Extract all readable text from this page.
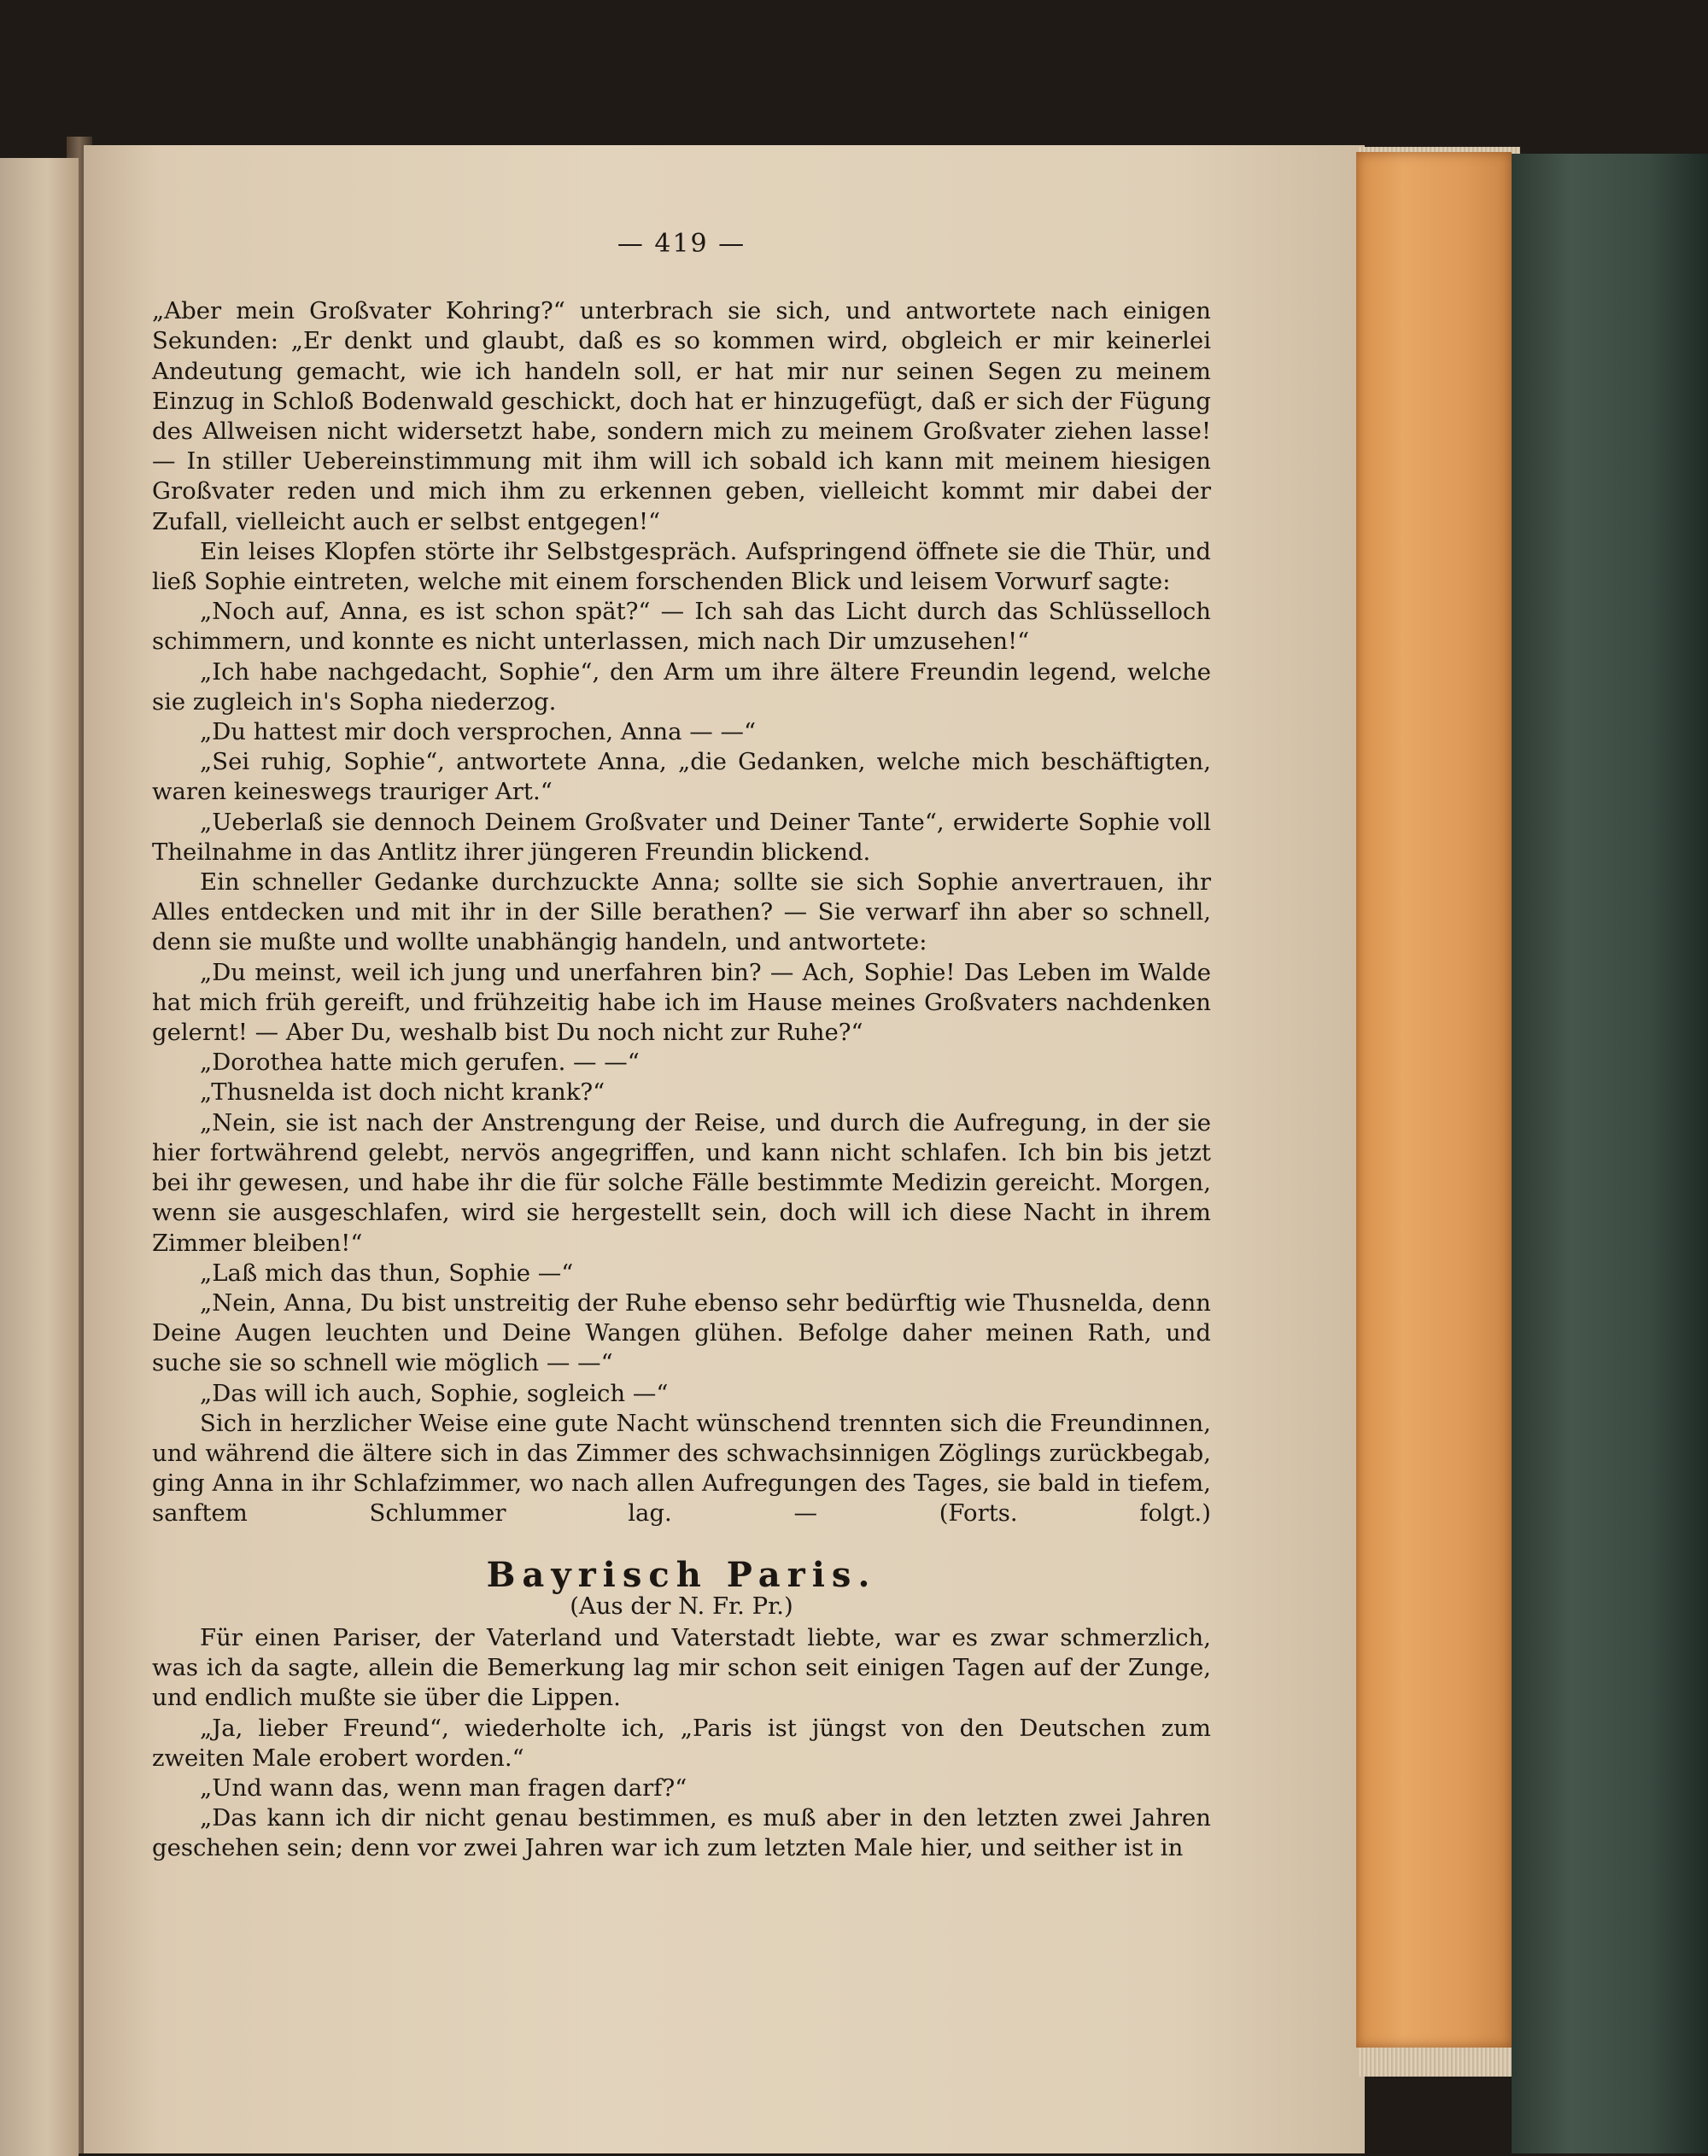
— 419 —

„Aber mein Großvater Kohring?“ unterbrach sie sich, und antwortete nach einigen Sekunden: „Er denkt und glaubt, daß es so kommen wird, obgleich er mir keinerlei Andeutung gemacht, wie ich handeln soll, er hat mir nur seinen Segen zu meinem Einzug in Schloß Bodenwald geschickt, doch hat er hinzugefügt, daß er sich der Fügung des Allweisen nicht widersetzt habe, sondern mich zu meinem Großvater ziehen lasse! — In stiller Uebereinstimmung mit ihm will ich sobald ich kann mit meinem hiesigen Großvater reden und mich ihm zu erkennen geben, vielleicht kommt mir dabei der Zufall, vielleicht auch er selbst entgegen!“

Ein leises Klopfen störte ihr Selbstgespräch. Aufspringend öffnete sie die Thür, und ließ Sophie eintreten, welche mit einem forschenden Blick und leisem Vorwurf sagte:

„Noch auf, Anna, es ist schon spät?“ — Ich sah das Licht durch das Schlüsselloch schimmern, und konnte es nicht unterlassen, mich nach Dir umzusehen!“

„Ich habe nachgedacht, Sophie“, den Arm um ihre ältere Freundin legend, welche sie zugleich in's Sopha niederzog.

„Du hattest mir doch versprochen, Anna — —“

„Sei ruhig, Sophie“, antwortete Anna, „die Gedanken, welche mich beschäftigten, waren keineswegs trauriger Art.“

„Ueberlaß sie dennoch Deinem Großvater und Deiner Tante“, erwiderte Sophie voll Theilnahme in das Antlitz ihrer jüngeren Freundin blickend.

Ein schneller Gedanke durchzuckte Anna; sollte sie sich Sophie anvertrauen, ihr Alles entdecken und mit ihr in der Sille berathen? — Sie verwarf ihn aber so schnell, denn sie mußte und wollte unabhängig handeln, und antwortete:

„Du meinst, weil ich jung und unerfahren bin? — Ach, Sophie! Das Leben im Walde hat mich früh gereift, und frühzeitig habe ich im Hause meines Großvaters nachdenken gelernt! — Aber Du, weshalb bist Du noch nicht zur Ruhe?“

„Dorothea hatte mich gerufen. — —“

„Thusnelda ist doch nicht krank?“

„Nein, sie ist nach der Anstrengung der Reise, und durch die Aufregung, in der sie hier fortwährend gelebt, nervös angegriffen, und kann nicht schlafen. Ich bin bis jetzt bei ihr gewesen, und habe ihr die für solche Fälle bestimmte Medizin gereicht. Morgen, wenn sie ausgeschlafen, wird sie hergestellt sein, doch will ich diese Nacht in ihrem Zimmer bleiben!“

„Laß mich das thun, Sophie —“

„Nein, Anna, Du bist unstreitig der Ruhe ebenso sehr bedürftig wie Thusnelda, denn Deine Augen leuchten und Deine Wangen glühen. Befolge daher meinen Rath, und suche sie so schnell wie möglich — —“

„Das will ich auch, Sophie, sogleich —“

Sich in herzlicher Weise eine gute Nacht wünschend trennten sich die Freundinnen, und während die ältere sich in das Zimmer des schwachsinnigen Zöglings zurückbegab, ging Anna in ihr Schlafzimmer, wo nach allen Aufregungen des Tages, sie bald in tiefem, sanftem Schlummer lag. — (Forts. folgt.)

Bayrisch Paris.
(Aus der N. Fr. Pr.)

Für einen Pariser, der Vaterland und Vaterstadt liebte, war es zwar schmerzlich, was ich da sagte, allein die Bemerkung lag mir schon seit einigen Tagen auf der Zunge, und endlich mußte sie über die Lippen.

„Ja, lieber Freund“, wiederholte ich, „Paris ist jüngst von den Deutschen zum zweiten Male erobert worden.“

„Und wann das, wenn man fragen darf?“

„Das kann ich dir nicht genau bestimmen, es muß aber in den letzten zwei Jahren geschehen sein; denn vor zwei Jahren war ich zum letzten Male hier, und seither ist in
